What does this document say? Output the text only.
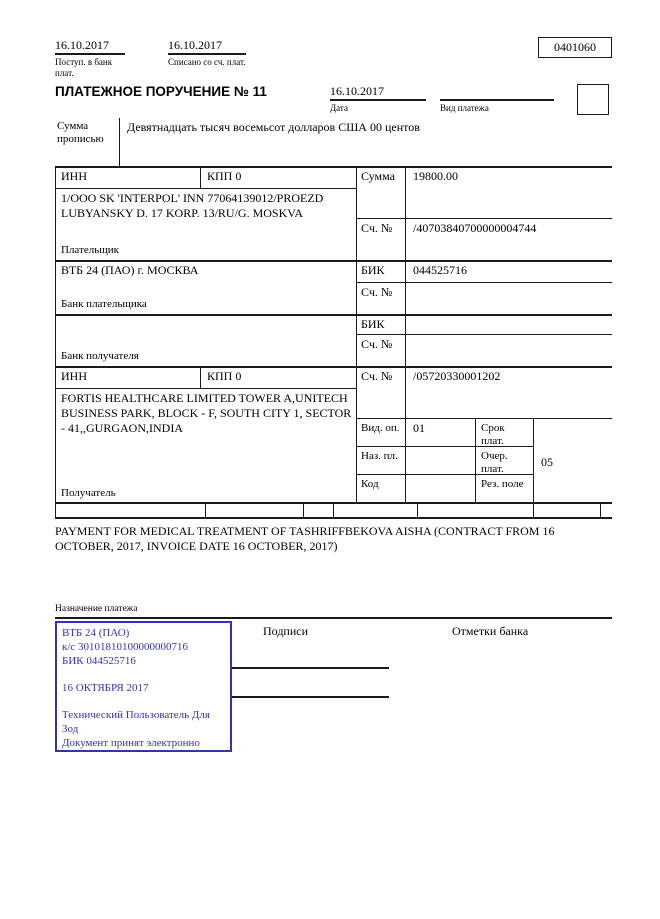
16.10.2017
Поступ. в банк плат.
16.10.2017
Списано со сч. плат.
0401060
ПЛАТЕЖНОЕ ПОРУЧЕНИЕ № 11	16.10.2017
Дата
	Вид платежа
Сумма прописью
Девятнадцать тысяч восемьсот долларов США 00 центов
ИНН	КПП 0	Сумма 19800.00
1/OOO SK 'INTERPOL' INN 77064139012/PROEZD LUBYANSKY D. 17 KORP. 13/RU/G. MOSKVA
Сч. № /40703840700000004744
Плательщик
ВТБ 24 (ПАО) г. МОСКВА	БИК 044525716
Сч. №
Банк плательщика
БИК
Сч. №
Банк получателя
ИНН	КПП 0	Сч. № /05720330001202
FORTIS HEALTHCARE LIMITED TOWER A,UNITECH BUSINESS PARK, BLOCK - F, SOUTH CITY 1, SECTOR - 41,,GURGAON,INDIA	Вид. оп. 01	Срок плат.
Наз. пл.	Очер. плат.	05
Код	Рез. поле
Получатель
PAYMENT FOR MEDICAL TREATMENT OF TASHRIFFBEKOVA AISHA (CONTRACT FROM 16 OCTOBER, 2017, INVOICE DATE 16 OCTOBER, 2017)
Назначение платежа
ВТБ 24 (ПАО)
к/с 30101810100000000716
БИК 044525716
16 ОКТЯБРЯ 2017
Технический Пользователь Для Зод
Документ принят электронно
Подписи	Отметки банка
